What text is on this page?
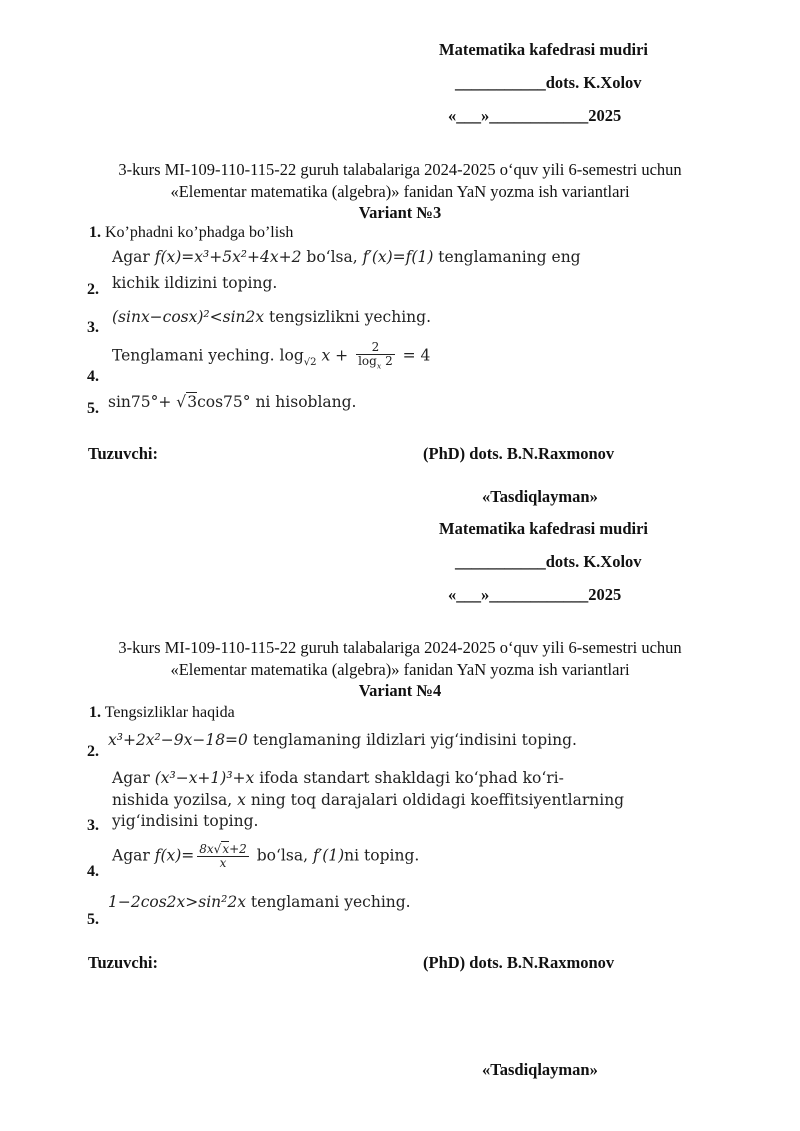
Matematika kafedrasi mudiri
___________dots. K.Xolov
«___»____________2025
3-kurs MI-109-110-115-22 guruh talabalariga 2024-2025 o‘quv yili 6-semestri uchun
«Elementar matematika (algebra)» fanidan YaN yozma ish variantlari
Variant №3
1. Ko’phadni ko’phadga bo’lish
Agar f(x)=x³+5x²+4x+2 bo‘lsa, f′(x)=f(1) tenglamaning eng
2. kichik ildizini toping.
3.
(sinx−cosx)²<sin2x tengsizlikni yeching.
4.
Tenglamani yeching. $\log_{√2} x + \frac{2}{\log_x 2} = 4$
5. sin75°+ √3cos75° ni hisoblang.
Tuzuvchi:	(PhD) dots. B.N.Raxmonov
«Tasdiqlayman»
Matematika kafedrasi mudiri
___________dots. K.Xolov
«___»____________2025
3-kurs MI-109-110-115-22 guruh talabalariga 2024-2025 o‘quv yili 6-semestri uchun
«Elementar matematika (algebra)» fanidan YaN yozma ish variantlari
Variant №4
1. Tengsizliklar haqida
2.
x³+2x²−9x−18=0 tenglamaning ildizlari yig‘indisini toping.
Agar (x³−x+1)³+x ifoda standart shakldagi ko‘phad ko‘ri-
nishida yozilsa, x ning toq darajalari oldidagi koeffitsiyentlarning
3. yig‘indisini toping.
4.
Agar $f(x)= \frac{8x√x+2}{x}$ bo‘lsa, f′(1)ni toping.
5.
1−2cos2x>sin²2x tenglamani yeching.
Tuzuvchi:	(PhD) dots. B.N.Raxmonov
«Tasdiqlayman»
